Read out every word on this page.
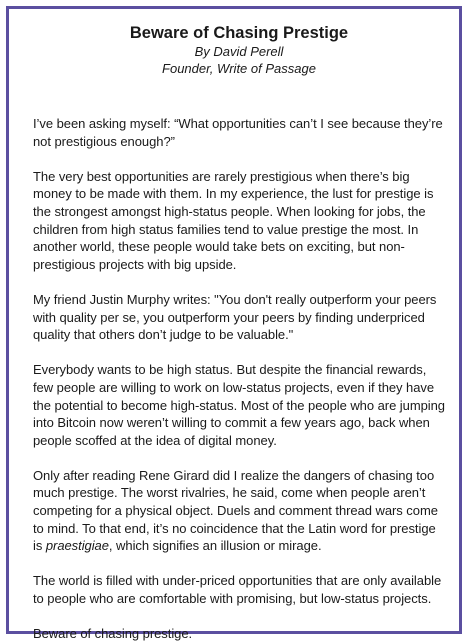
Beware of Chasing Prestige

By David Perell

Founder, Write of Passage

I’ve been asking myself: “What opportunities can’t I see because they’re not prestigious enough?”

The very best opportunities are rarely prestigious when there’s big money to be made with them. In my experience, the lust for prestige is the strongest amongst high-status people. When looking for jobs, the children from high status families tend to value prestige the most. In another world, these people would take bets on exciting, but non-prestigious projects with big upside.

My friend Justin Murphy writes: "You don't really outperform your peers with quality per se, you outperform your peers by finding underpriced quality that others don’t judge to be valuable."

Everybody wants to be high status. But despite the financial rewards, few people are willing to work on low-status projects, even if they have the potential to become high-status. Most of the people who are jumping into Bitcoin now weren’t willing to commit a few years ago, back when people scoffed at the idea of digital money.

Only after reading Rene Girard did I realize the dangers of chasing too much prestige. The worst rivalries, he said, come when people aren’t competing for a physical object. Duels and comment thread wars come to mind. To that end, it’s no coincidence that the Latin word for prestige is praestigiae, which signifies an illusion or mirage.

The world is filled with under-priced opportunities that are only available to people who are comfortable with promising, but low-status projects.

Beware of chasing prestige.
